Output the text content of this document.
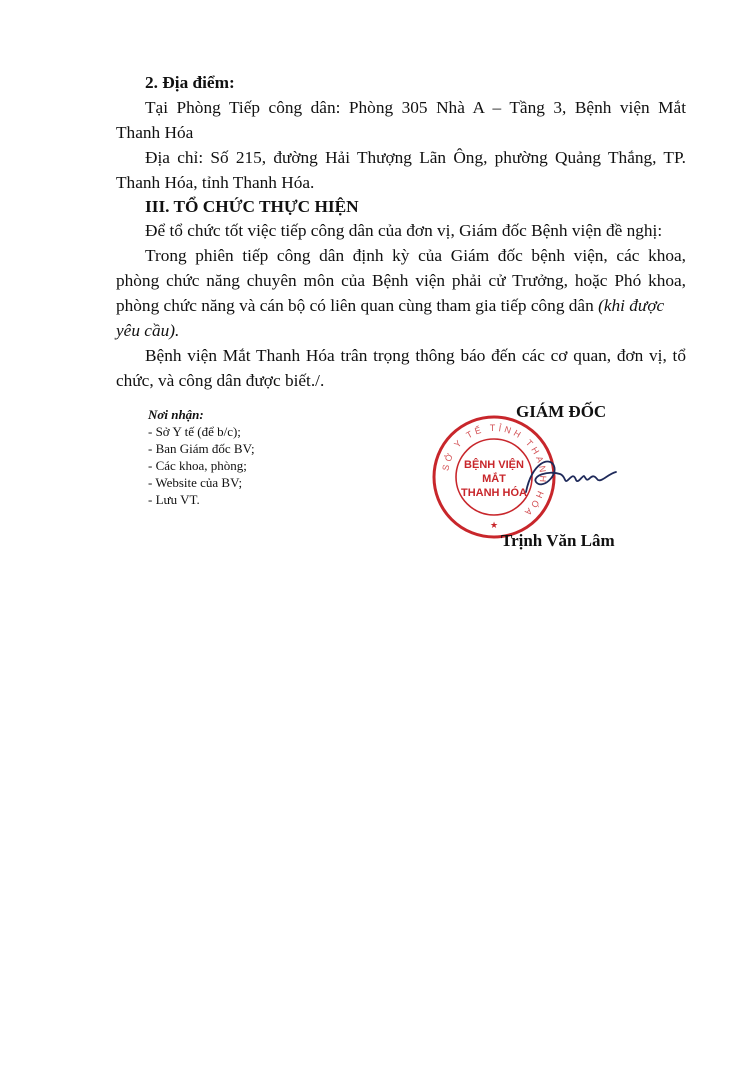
2. Địa điểm:
Tại Phòng Tiếp công dân: Phòng 305 Nhà A – Tầng 3, Bệnh viện Mắt
Thanh Hóa
Địa chỉ: Số 215, đường Hải Thượng Lãn Ông, phường Quảng Thắng, TP.
Thanh Hóa, tỉnh Thanh Hóa.
III. TỔ CHỨC THỰC HIỆN
Để tổ chức tốt việc tiếp công dân của đơn vị, Giám đốc Bệnh viện đề nghị:
Trong phiên tiếp công dân định kỳ của Giám đốc bệnh viện, các khoa,
phòng chức năng chuyên môn của Bệnh viện phải cử Trưởng, hoặc Phó khoa,
phòng chức năng và cán bộ có liên quan cùng tham gia tiếp công dân (khi được
yêu cầu).
Bệnh viện Mắt Thanh Hóa trân trọng thông báo đến các cơ quan, đơn vị, tổ
chức, và công dân được biết./.
Nơi nhận:
- Sở Y tế (để b/c);
- Ban Giám đốc BV;
- Các khoa, phòng;
- Website của BV;
- Lưu VT.
GIÁM ĐỐC
SỞ Y TẾ TỈNH THANH HÓA
BỆNH VIỆN
MẮT
THANH HÓA
★
Trịnh Văn Lâm
